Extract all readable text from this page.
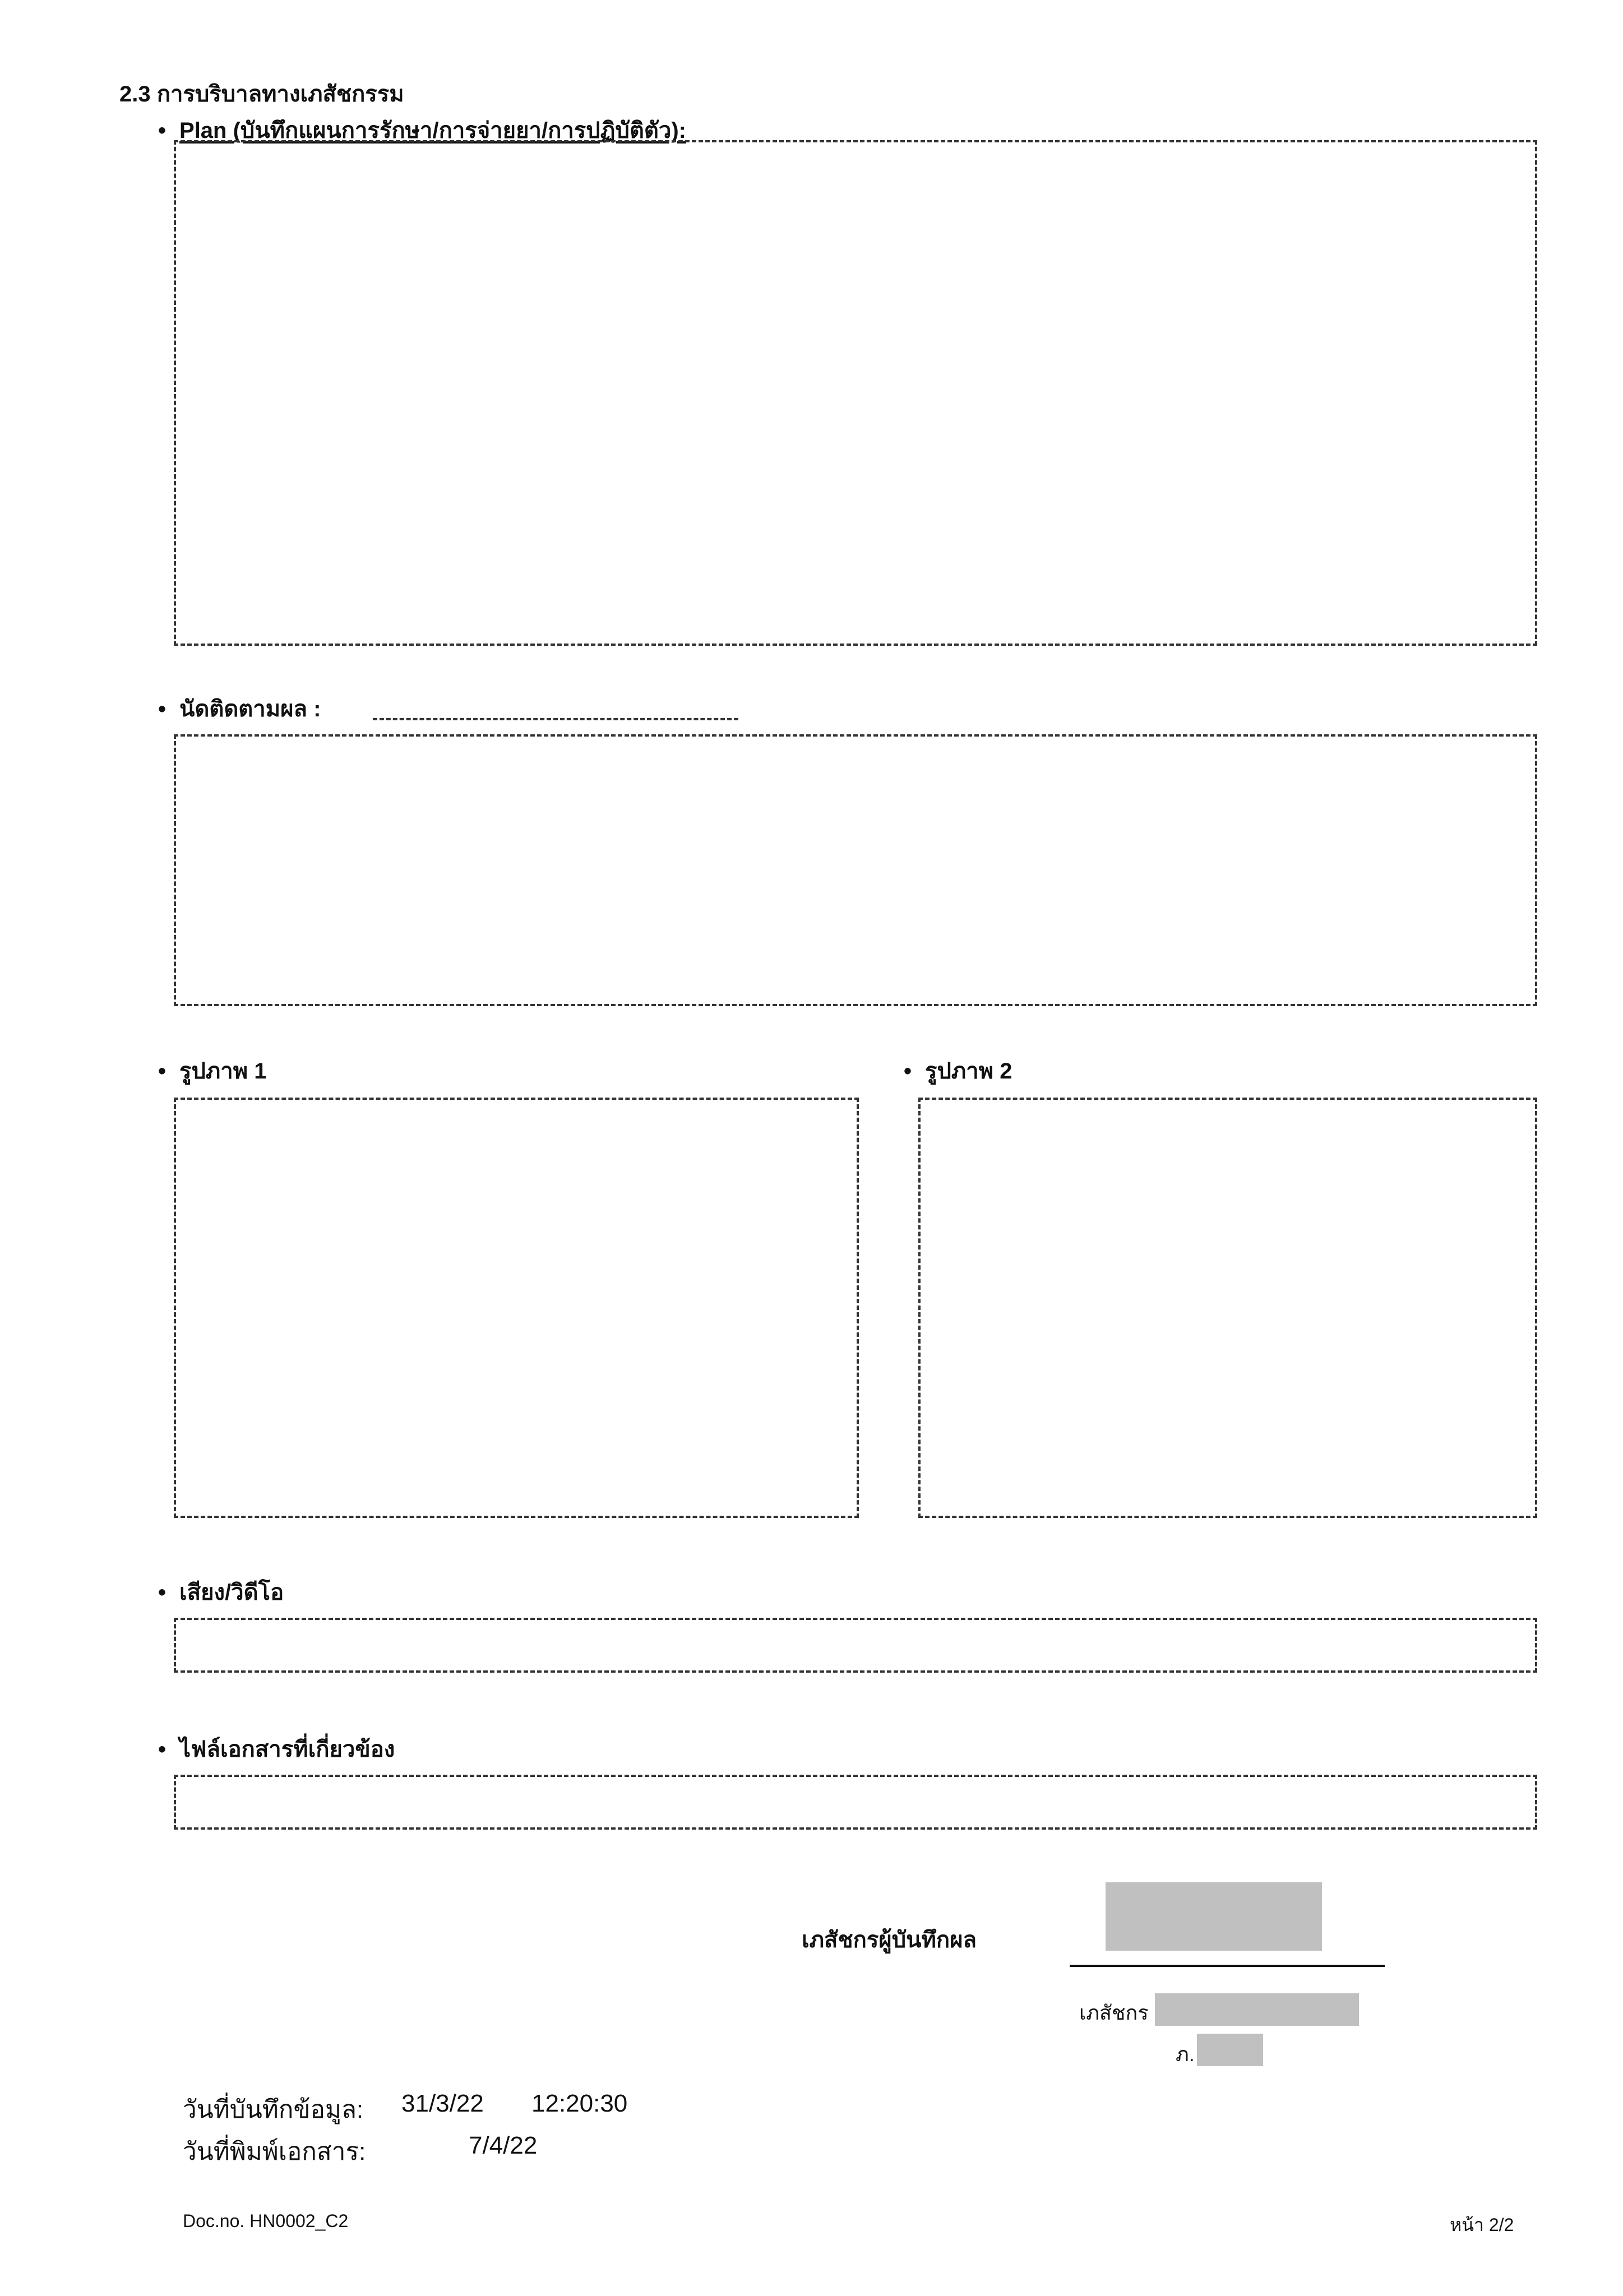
2.3 การบริบาลทางเภสัชกรรม
• Plan (บันทึกแผนการรักษา/การจ่ายยา/การปฏิบัติตัว):
• นัดติดตามผล :
• รูปภาพ 1	• รูปภาพ 2
• เสียง/วิดีโอ
• ไฟล์เอกสารที่เกี่ยวข้อง
เภสัชกรผู้บันทึกผล
เภสัชกร
ภ.
วันที่บันทึกข้อมูล: 31/3/22 12:20:30
วันที่พิมพ์เอกสาร:	7/4/22
Doc.no. HN0002_C2	หน้า 2/2
